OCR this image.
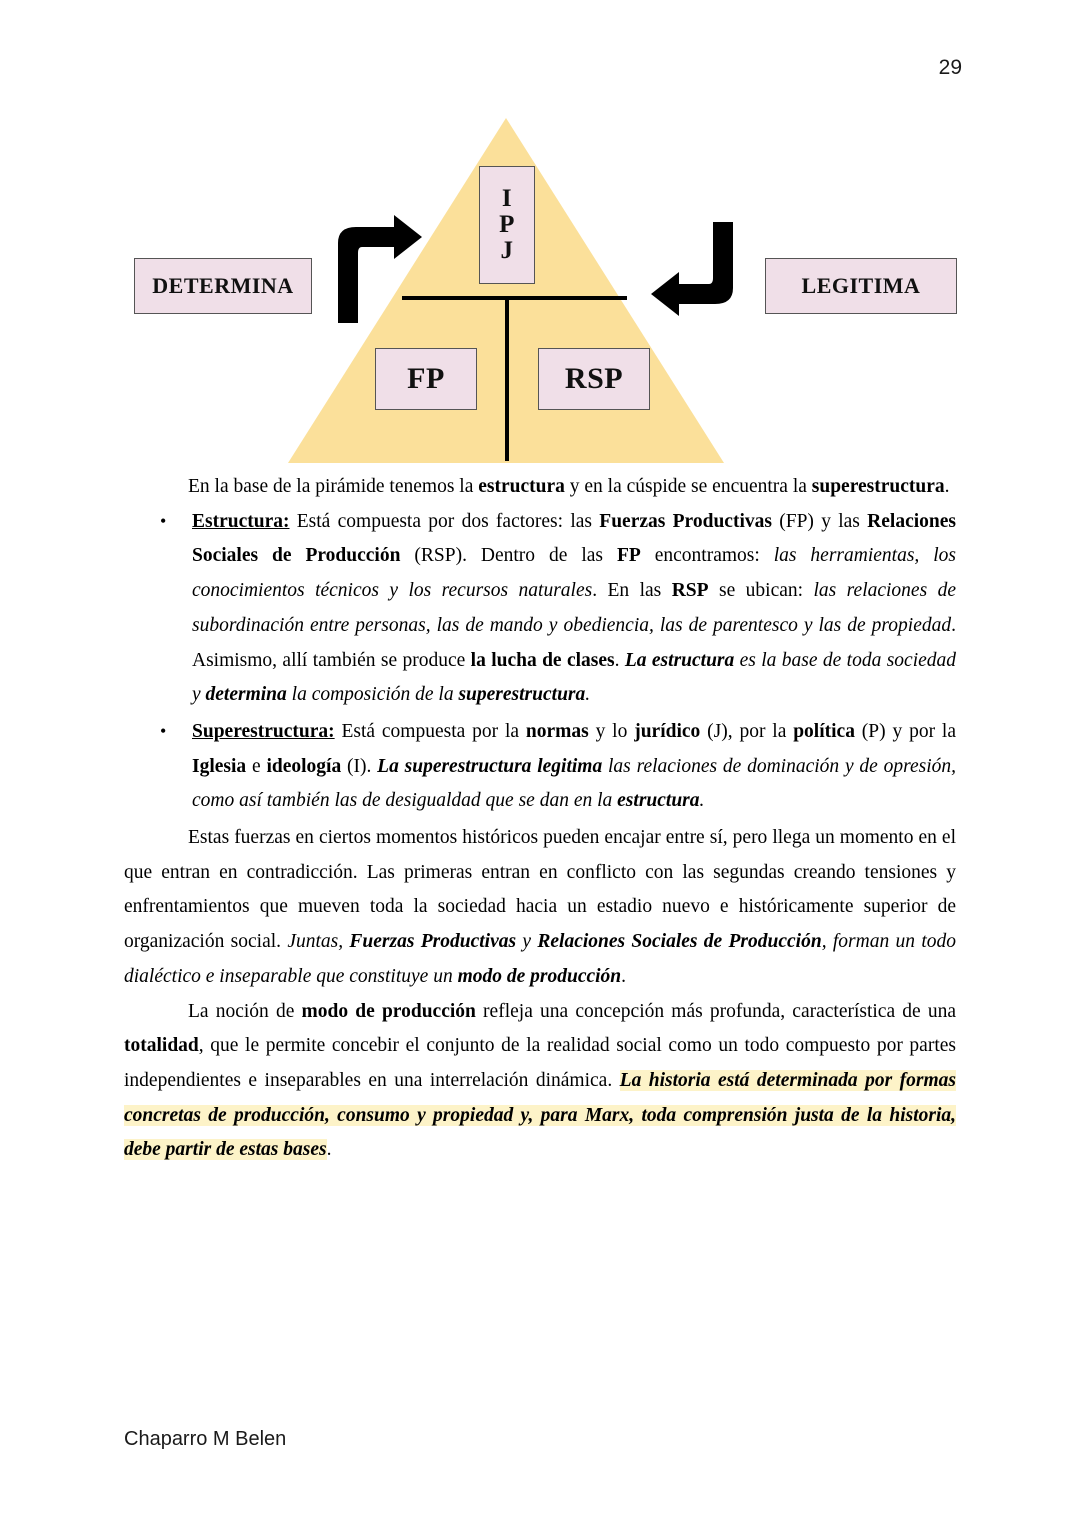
29
I
P
J
FP	RSP
DETERMINA	LEGITIMA

En la base de la pirámide tenemos la estructura y en la cúspide se encuentra la superestructura.

• Estructura: Está compuesta por dos factores: las Fuerzas Productivas (FP) y las Relaciones Sociales de Producción (RSP). Dentro de las FP encontramos: las herramientas, los conocimientos técnicos y los recursos naturales. En las RSP se ubican: las relaciones de subordinación entre personas, las de mando y obediencia, las de parentesco y las de propiedad. Asimismo, allí también se produce la lucha de clases. La estructura es la base de toda sociedad y determina la composición de la superestructura.
• Superestructura: Está compuesta por la normas y lo jurídico (J), por la política (P) y por la Iglesia e ideología (I). La superestructura legitima las relaciones de dominación y de opresión, como así también las de desigualdad que se dan en la estructura.

Estas fuerzas en ciertos momentos históricos pueden encajar entre sí, pero llega un momento en el que entran en contradicción. Las primeras entran en conflicto con las segundas creando tensiones y enfrentamientos que mueven toda la sociedad hacia un estadio nuevo e históricamente superior de organización social. Juntas, Fuerzas Productivas y Relaciones Sociales de Producción, forman un todo dialéctico e inseparable que constituye un modo de producción.

La noción de modo de producción refleja una concepción más profunda, característica de una totalidad, que le permite concebir el conjunto de la realidad social como un todo compuesto por partes independientes e inseparables en una interrelación dinámica. La historia está determinada por formas concretas de producción, consumo y propiedad y, para Marx, toda comprensión justa de la historia, debe partir de estas bases.

Chaparro M Belen
